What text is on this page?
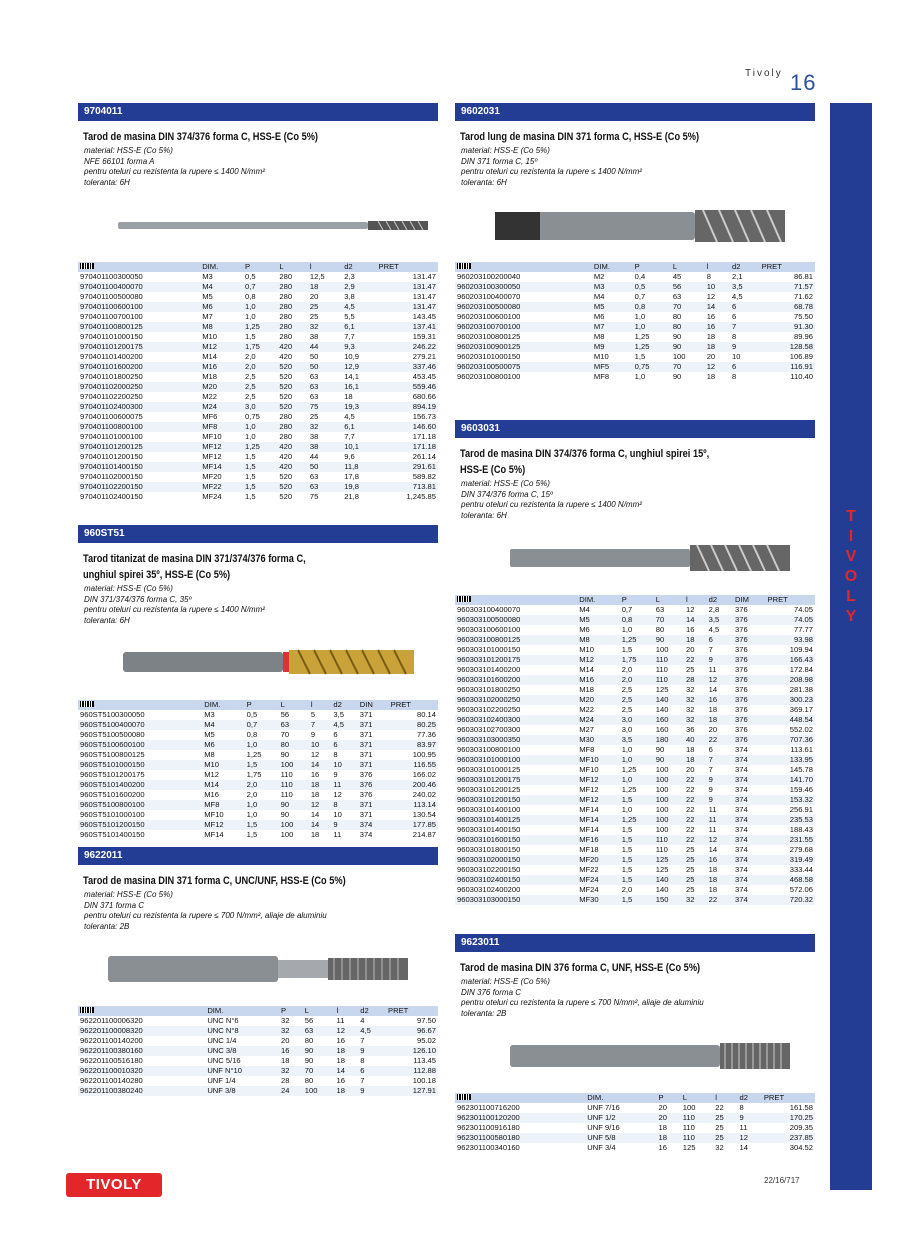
Tivoly 16
T
I
V
O
L
Y
9704011
Tarod de masina DIN 374/376 forma C, HSS-E (Co 5%)
material: HSS-E (Co 5%)
NFE 66101 forma A
pentru oteluri cu rezistenta la rupere ≤ 1400 N/mm²
toleranta: 6H
	DIM.	P	L	l	d2	PRET
970401100300050	M3	0,5	280	12,5	2,3	131.47
970401100400070	M4	0,7	280	18	2,9	131.47
970401100500080	M5	0,8	280	20	3,8	131.47
970401100600100	M6	1,0	280	25	4,5	131.47
970401100700100	M7	1,0	280	25	5,5	143.45
970401100800125	M8	1,25	280	32	6,1	137.41
970401101000150	M10	1,5	280	38	7,7	159.31
970401101200175	M12	1,75	420	44	9,3	246.22
970401101400200	M14	2,0	420	50	10,9	279.21
970401101600200	M16	2,0	520	50	12,9	337.46
970401101800250	M18	2,5	520	63	14,1	453.45
970401102000250	M20	2,5	520	63	16,1	559.46
970401102200250	M22	2,5	520	63	18	680.66
970401102400300	M24	3,0	520	75	19,3	894.19
970401100600075	MF6	0,75	280	25	4,5	156.73
970401100800100	MF8	1,0	280	32	6,1	146.60
970401101000100	MF10	1,0	280	38	7,7	171.18
970401101200125	MF12	1,25	420	38	10,1	171.18
970401101200150	MF12	1,5	420	44	9,6	261.14
970401101400150	MF14	1,5	420	50	11,8	291.61
970401102000150	MF20	1,5	520	63	17,8	589.82
970401102200150	MF22	1,5	520	63	19,8	713.81
970401102400150	MF24	1,5	520	75	21,8	1,245.85
960ST51
Tarod titanizat de masina DIN 371/374/376 forma C,
unghiul spirei 35º, HSS-E (Co 5%)
material: HSS-E (Co 5%)
DIN 371/374/376 forma C, 35º
pentru oteluri cu rezistenta la rupere ≤ 1400 N/mm²
toleranta: 6H
	DIM.	P	L	l	d2	DIN	PRET
960ST5100300050	M3	0,5	56	5	3,5	371	80.14
960ST5100400070	M4	0,7	63	7	4,5	371	80.25
960ST5100500080	M5	0,8	70	9	6	371	77.36
960ST5100600100	M6	1,0	80	10	6	371	83.97
960ST5100800125	M8	1,25	90	12	8	371	100.95
960ST5101000150	M10	1,5	100	14	10	371	116.55
960ST5101200175	M12	1,75	110	16	9	376	166.02
960ST5101400200	M14	2,0	110	18	11	376	200.46
960ST5101600200	M16	2,0	110	18	12	376	240.02
960ST5100800100	MF8	1,0	90	12	8	371	113.14
960ST5101000100	MF10	1,0	90	14	10	371	130.54
960ST5101200150	MF12	1,5	100	14	9	374	177.85
960ST5101400150	MF14	1,5	100	18	11	374	214.87
9622011
Tarod de masina DIN 371 forma C, UNC/UNF, HSS-E (Co 5%)
material: HSS-E (Co 5%)
DIN 371 forma C
pentru oteluri cu rezistenta la rupere ≤ 700 N/mm², aliaje de aluminiu
toleranta: 2B
	DIM.	P	L	l	d2	PRET
962201100006320	UNC N°6	32	56	11	4	97.50
962201100008320	UNC N°8	32	63	12	4,5	96.67
962201100140200	UNC 1/4	20	80	16	7	95.02
962201100380160	UNC 3/8	16	90	18	9	126.10
962201100516180	UNC 5/16	18	90	18	8	113.45
962201100010320	UNF N°10	32	70	14	6	112.88
962201100140280	UNF 1/4	28	80	16	7	100.18
962201100380240	UNF 3/8	24	100	18	9	127.91
9602031
Tarod lung de masina DIN 371 forma C, HSS-E (Co 5%)
material: HSS-E (Co 5%)
DIN 371 forma C, 15º
pentru oteluri cu rezistenta la rupere ≤ 1400 N/mm²
toleranta: 6H
	DIM.	P	L	l	d2	PRET
960203100200040	M2	0,4	45	8	2,1	86.81
960203100300050	M3	0,5	56	10	3,5	71.57
960203100400070	M4	0,7	63	12	4,5	71.62
960203100500080	M5	0,8	70	14	6	68.78
960203100600100	M6	1,0	80	16	6	75.50
960203100700100	M7	1,0	80	16	7	91.30
960203100800125	M8	1,25	90	18	8	89.96
960203100900125	M9	1,25	90	18	9	128.58
960203101000150	M10	1,5	100	20	10	106.89
960203100500075	MF5	0,75	70	12	6	116.91
960203100800100	MF8	1,0	90	18	8	110.40
9603031
Tarod de masina DIN 374/376 forma C, unghiul spirei 15º,
HSS-E (Co 5%)
material: HSS-E (Co 5%)
DIN 374/376 forma C, 15º
pentru oteluri cu rezistenta la rupere ≤ 1400 N/mm²
toleranta: 6H
	DIM.	P	L	l	d2	DIM	PRET
960303100400070	M4	0,7	63	12	2,8	376	74.05
960303100500080	M5	0,8	70	14	3,5	376	74.05
960303100600100	M6	1,0	80	16	4,5	376	77.77
960303100800125	M8	1,25	90	18	6	376	93.98
960303101000150	M10	1,5	100	20	7	376	109.94
960303101200175	M12	1,75	110	22	9	376	166.43
960303101400200	M14	2,0	110	25	11	376	172.84
960303101600200	M16	2,0	110	28	12	376	208.98
960303101800250	M18	2,5	125	32	14	376	281.38
960303102000250	M20	2,5	140	32	16	376	300.23
960303102200250	M22	2,5	140	32	18	376	369.17
960303102400300	M24	3,0	160	32	18	376	448.54
960303102700300	M27	3,0	160	36	20	376	552.02
960303103000350	M30	3,5	180	40	22	376	707.36
960303100800100	MF8	1,0	90	18	6	374	113.61
960303101000100	MF10	1,0	90	18	7	374	133.95
960303101000125	MF10	1,25	100	20	7	374	145.78
960303101200175	MF12	1,0	100	22	9	374	141.70
960303101200125	MF12	1,25	100	22	9	374	159.46
960303101200150	MF12	1,5	100	22	9	374	153.32
960303101400100	MF14	1,0	100	22	11	374	256.91
960303101400125	MF14	1,25	100	22	11	374	235.53
960303101400150	MF14	1,5	100	22	11	374	188.43
960303101600150	MF16	1,5	110	22	12	374	231.55
960303101800150	MF18	1,5	110	25	14	374	279.68
960303102000150	MF20	1,5	125	25	16	374	319.49
960303102200150	MF22	1,5	125	25	18	374	333.44
960303102400150	MF24	1,5	140	25	18	374	468.58
960303102400200	MF24	2,0	140	25	18	374	572.06
960303103000150	MF30	1,5	150	32	22	374	720.32
9623011
Tarod de masina DIN 376 forma C, UNF, HSS-E (Co 5%)
material: HSS-E (Co 5%)
DIN 376 forma C
pentru oteluri cu rezistenta la rupere ≤ 700 N/mm², aliaje de aluminiu
toleranta: 2B
	DIM.	P	L	l	d2	PRET
962301100716200	UNF 7/16	20	100	22	8	161.58
962301100120200	UNF 1/2	20	110	25	9	170.25
962301100916180	UNF 9/16	18	110	25	11	209.35
962301100580180	UNF 5/8	18	110	25	12	237.85
962301100340160	UNF 3/4	16	125	32	14	304.52
TIVOLY	22/16/717
